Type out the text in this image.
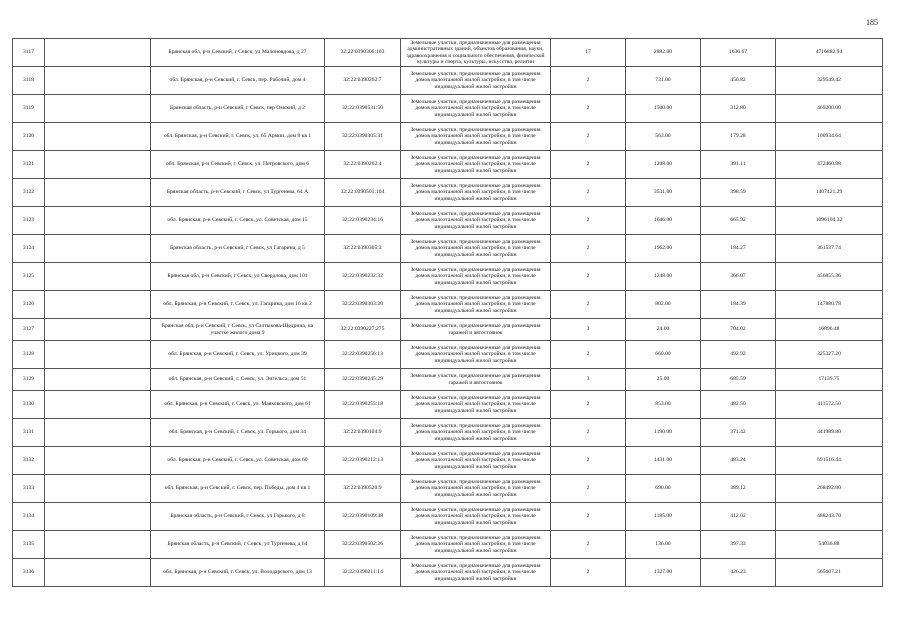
185
3117		Брянская обл, р-н Севский, г Севск, ул Малоновдова, д 27	32:22:0390306:103	Земельные участки, предназначенные для размещения административных зданий, объектов образования, науки, здравоохранения и социального обеспечения, физической культуры и спорта, культуры, искусства, религии	17	2882.00	1636.67	4716882.94
3118		обл. Брянская, р-н Севский, г. Севск, пер. Рабочий, дом 4	32:22:0390262:7	Земельные участки, предназначенные для размещения домов малоэтажной жилой застройки, в том числе индивидуальной жилой застройки	2	731.00	450.82	329549.42
3119		Брянская область, р-н Севский, г Севск, пер Омский, д 2	32:22:0390531:50	Земельные участки, предназначенные для размещения домов малоэтажной жилой застройки, в том числе индивидуальной жилой застройки	2	1500.00	312.80	469200.00
3120		обл. Брянская, р-н Севский, г. Севск, ул. 65 Армии, дом 8 кв 1	32:22:0390305:31	Земельные участки, предназначенные для размещения домов малоэтажной жилой застройки, в том числе индивидуальной жилой застройки	2	563.00	179.28	100934.64
3121		обл. Брянская, р-н Севский, г. Севск, ул. Петровского, дом 6	32:22:0390202:4	Земельные участки, предназначенные для размещения домов малоэтажной жилой застройки, в том числе индивидуальной жилой застройки	2	1208.00	391.11	472460.88
3122		Брянская область, р-н Севский, г Севск, ул Тургенева, 64 А	32:22:0390501:104	Земельные участки, предназначенные для размещения домов малоэтажной жилой застройки, в том числе индивидуальной жилой застройки	2	3531.00	398.59	1407421.29
3123		обл. Брянская, р-н Севский, г. Севск, ул. Советская, дом 15	32:22:0390234:16	Земельные участки, предназначенные для размещения домов малоэтажной жилой застройки, в том числе индивидуальной жилой застройки	2	1646.00	665.92	1096104.32
3124		Брянская область, р-н Севский, г Севск, ул Гагарина, д 5	32:22:0390305:3	Земельные участки, предназначенные для размещения домов малоэтажной жилой застройки, в том числе индивидуальной жилой застройки	2	1962.00	184.27	361537.74
3125		Брянская обл, р-н Севский, г Севск, ул Свердлова, дом 101	32:22:0390232:32	Земельные участки, предназначенные для размещения домов малоэтажной жилой застройки, в том числе индивидуальной жилой застройки	2	1248.00	366.07	456855.36
3126		обл. Брянская, р-н Севский, г. Севск, ул. Гагарина, дом 16 кв 2	32:22:0390303:20	Земельные участки, предназначенные для размещения домов малоэтажной жилой застройки, в том числе индивидуальной жилой застройки	2	802.00	184.39	147880.78
3127		Брянская обл, р-н Севский, г Севск, ул Салтыкова-Щедрина, на участке жилого дома 9	32:22:0390227:275	Земельные участки, предназначенные для размещения гаражей и автостоянок	3	24.00	704.02	16896.48
3128		обл. Брянская, р-н Севский, г. Севск, ул. Урицкого, дом 39	32:22:0390256:13	Земельные участки, предназначенные для размещения домов малоэтажной жилой застройки, в том числе индивидуальной жилой застройки	2	660.00	492.92	325327.20
3129		обл. Брянская, р-н Севский, г. Севск, ул. Энгельса, дом 51	32:22:0390245:29	Земельные участки, предназначенные для размещения гаражей и автостоянок	3	25.00	685.59	17139.75
3130		обл. Брянская, р-н Севский, г. Севск, ул. Маяковского, дом 61	32:22:0390255:18	Земельные участки, предназначенные для размещения домов малоэтажной жилой застройки, в том числе индивидуальной жилой застройки	2	853.00	482.50	411572.50
3131		обл. Брянская, р-н Севский, г. Севск, ул. Горького, дом 34	32:22:0390104:9	Земельные участки, предназначенные для размещения домов малоэтажной жилой застройки, в том числе индивидуальной жилой застройки	2	1190.00	371.42	441989.80
3132		обл. Брянская, р-н Севский, г. Севск, ул. Советская, дом 60	32:22:0390212:13	Земельные участки, предназначенные для размещения домов малоэтажной жилой застройки, в том числе индивидуальной жилой застройки	2	1431.00	483.24	691516.44
3133		обл. Брянская, р-н Севский, г. Севск, пер. Победы, дом 4 кв 1	32:22:0390520:9	Земельные участки, предназначенные для размещения домов малоэтажной жилой застройки, в том числе индивидуальной жилой застройки	2	690.00	389.12	268492.80
3134		Брянская область, р-н Севский, г Севск, ул Горького, д 8	32:22:0390109:48	Земельные участки, предназначенные для размещения домов малоэтажной жилой застройки, в том числе индивидуальной жилой застройки	2	1185.00	412.02	488243.70
3135		Брянская область, р-н Севский, г Севск, ул Тургенева, д 64	32:22:0390502:26	Земельные участки, предназначенные для размещения домов малоэтажной жилой застройки, в том числе индивидуальной жилой застройки	2	136.00	397.33	54036.88
3136		обл. Брянская, р-н Севский, г. Севск, ул. Володарского, дом 13	32:22:0390211:14	Земельные участки, предназначенные для размещения домов малоэтажной жилой застройки, в том числе индивидуальной жилой застройки	2	1327.00	426.23	565607.21
